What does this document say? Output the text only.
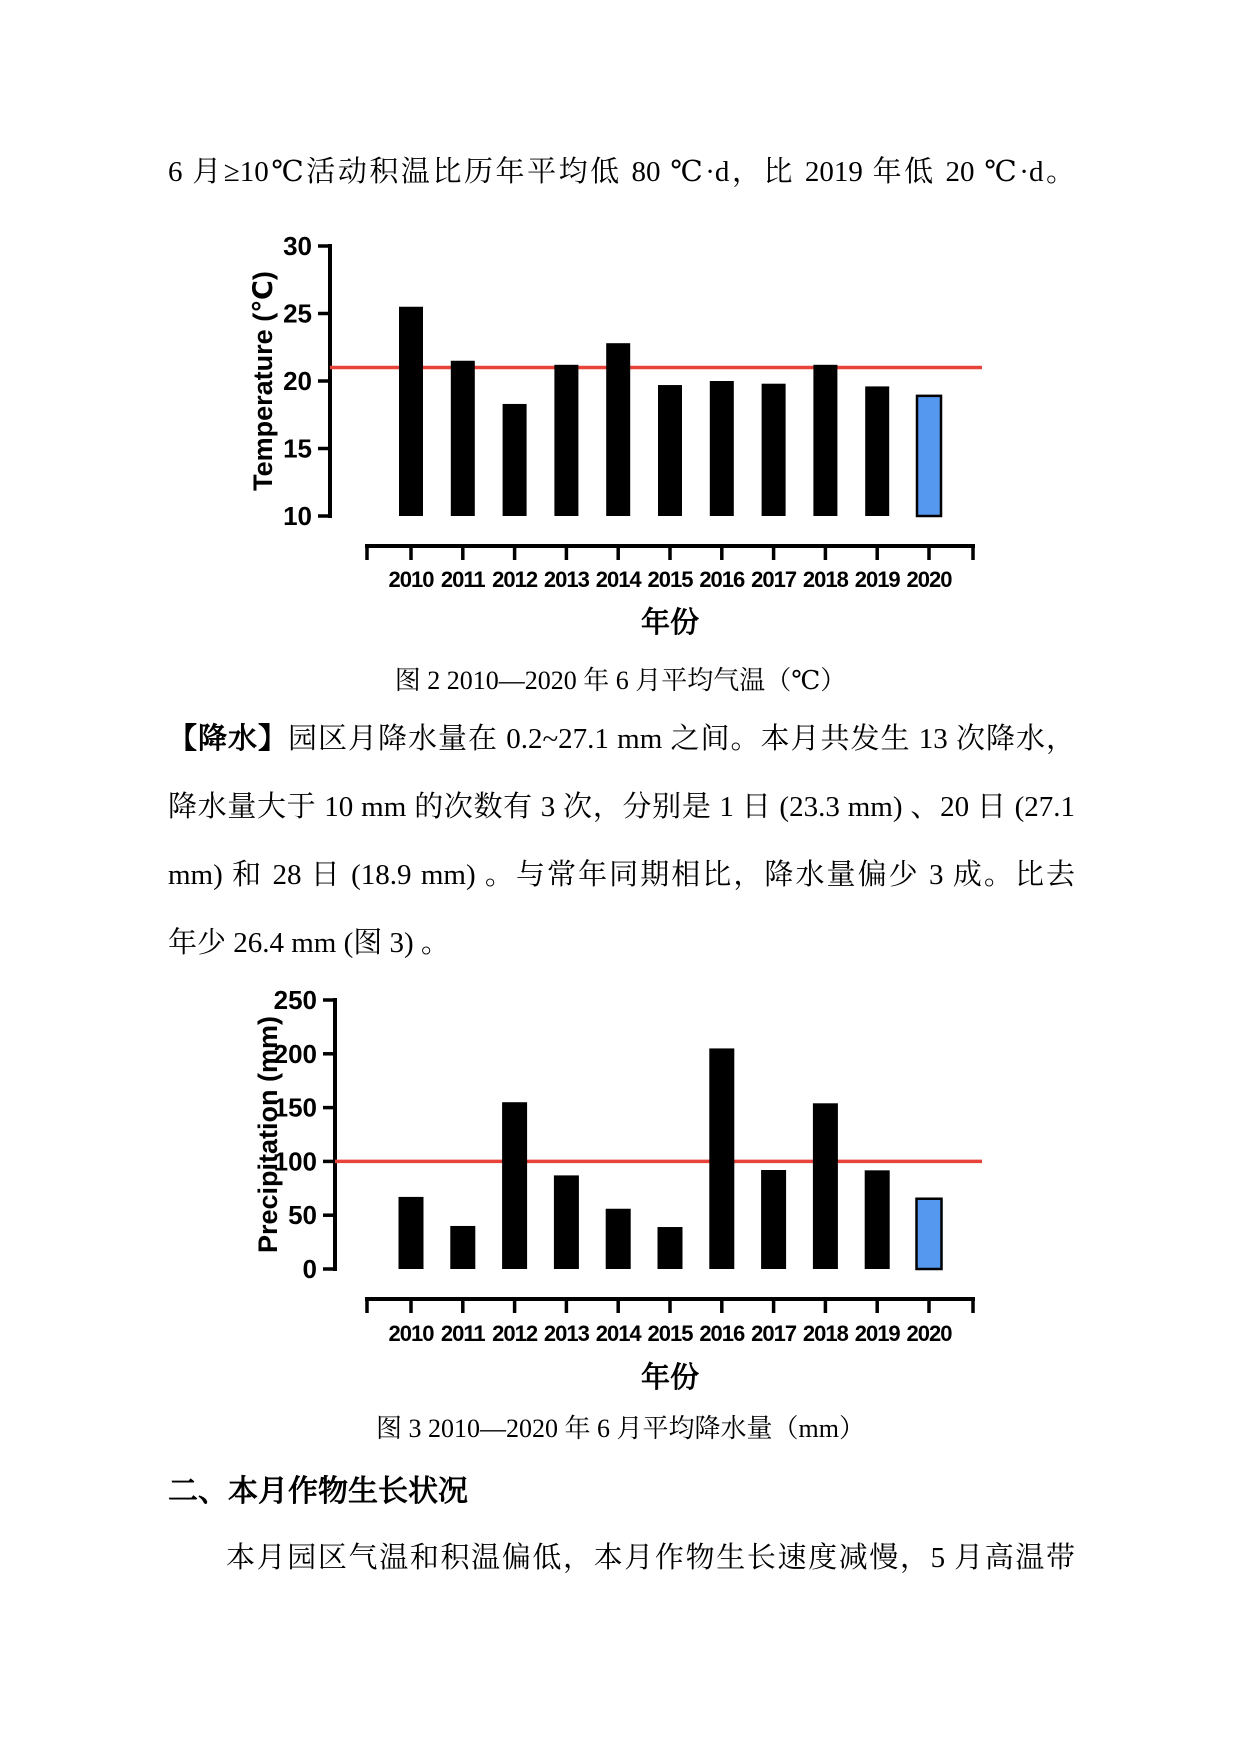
6 月≥10℃活动积温比历年平均低 80 ℃·d，比 2019 年低 20 ℃·d。
10
15
20
25
30
Temperature (℃)
2010 2011 2012 2013 2014 2015 2016 2017 2018 2019 2020
年份
图 2 2010—2020 年 6 月平均气温（℃）
【降水】园区月降水量在 0.2~27.1 mm 之间。本月共发生 13 次降水，
降水量大于 10 mm 的次数有 3 次，分别是 1 日 (23.3 mm) 、20 日 (27.1
mm) 和 28 日 (18.9 mm) 。与常年同期相比，降水量偏少 3 成。比去
年少 26.4 mm (图 3) 。
0
50
100
150
200
250
Precipitation (mm)
2010 2011 2012 2013 2014 2015 2016 2017 2018 2019 2020
年份
图 3 2010—2020 年 6 月平均降水量（mm）
二、本月作物生长状况
本月园区气温和积温偏低，本月作物生长速度减慢，5 月高温带
